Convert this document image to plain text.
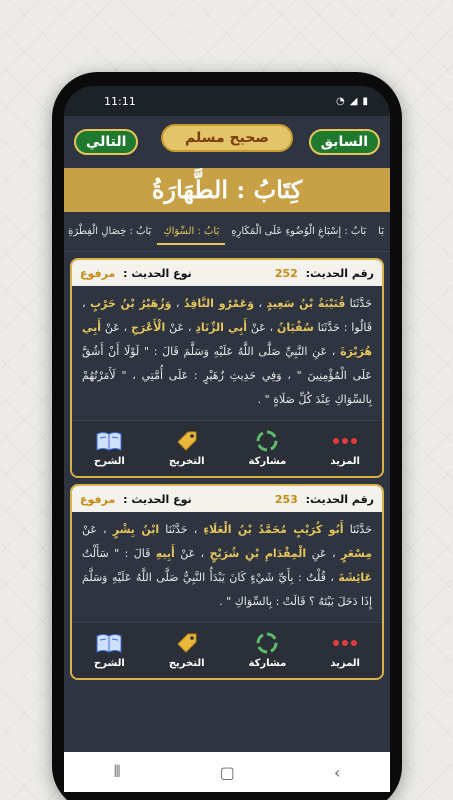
11:11	◔ ◢ ▮
التالي	صحيح مسلم	السابق
كِتَابُ : الطَّهَارَةُ
بَا
بَابُ : إِسْبَاغِ الْوُضُوءِ عَلَى الْمَكَارِهِ
بَابُ : السِّوَاكِ
بَابُ : خِصَالِ الْفِطْرَةِ
رقم الحديث: 252
نوع الحديث : مرفوع
حَدَّثَنَا قُتَيْبَةُ بْنُ سَعِيدٍ ، وَعَمْرٌو النَّاقِدُ ، وَزُهَيْرُ بْنُ حَرْبٍ ، قَالُوا : حَدَّثَنَا سُفْيَانُ ، عَنْ أَبِي الزِّنَادِ ، عَنْ الْأَعْرَجِ ، عَنْ أَبِي هُرَيْرَةَ ، عَنِ النَّبِيِّ صَلَّى اللَّهُ عَلَيْهِ وَسَلَّمَ قَالَ : " لَوْلَا أَنْ أَشُقَّ عَلَى الْمُؤْمِنِينَ " ، وَفِي حَدِيثِ زُهَيْرٍ : عَلَى أُمَّتِي ، " لَأَمَرْتُهُمْ بِالسِّوَاكِ عِنْدَ كُلِّ صَلَاةٍ " .
الشرح	التخريج	مشاركة	المزيد
رقم الحديث: 253
نوع الحديث : مرفوع
حَدَّثَنَا أَبُو كُرَيْبٍ مُحَمَّدُ بْنُ الْعَلَاءِ ، حَدَّثَنَا ابْنُ بِشْرٍ ، عَنْ مِسْعَرٍ ، عَنِ الْمِقْدَامِ بْنِ شُرَيْحٍ ، عَنْ أَبِيهِ قَالَ : " سَأَلْتُ عَائِشَةَ ، قُلْتُ : بِأَيِّ شَيْءٍ كَانَ يَبْدَأُ النَّبِيُّ صَلَّى اللَّهُ عَلَيْهِ وَسَلَّمَ إِذَا دَخَلَ بَيْتَهُ ؟ قَالَتْ : بِالسِّوَاكِ " .
الشرح	التخريج	مشاركة	المزيد
⦀	▢	‹
